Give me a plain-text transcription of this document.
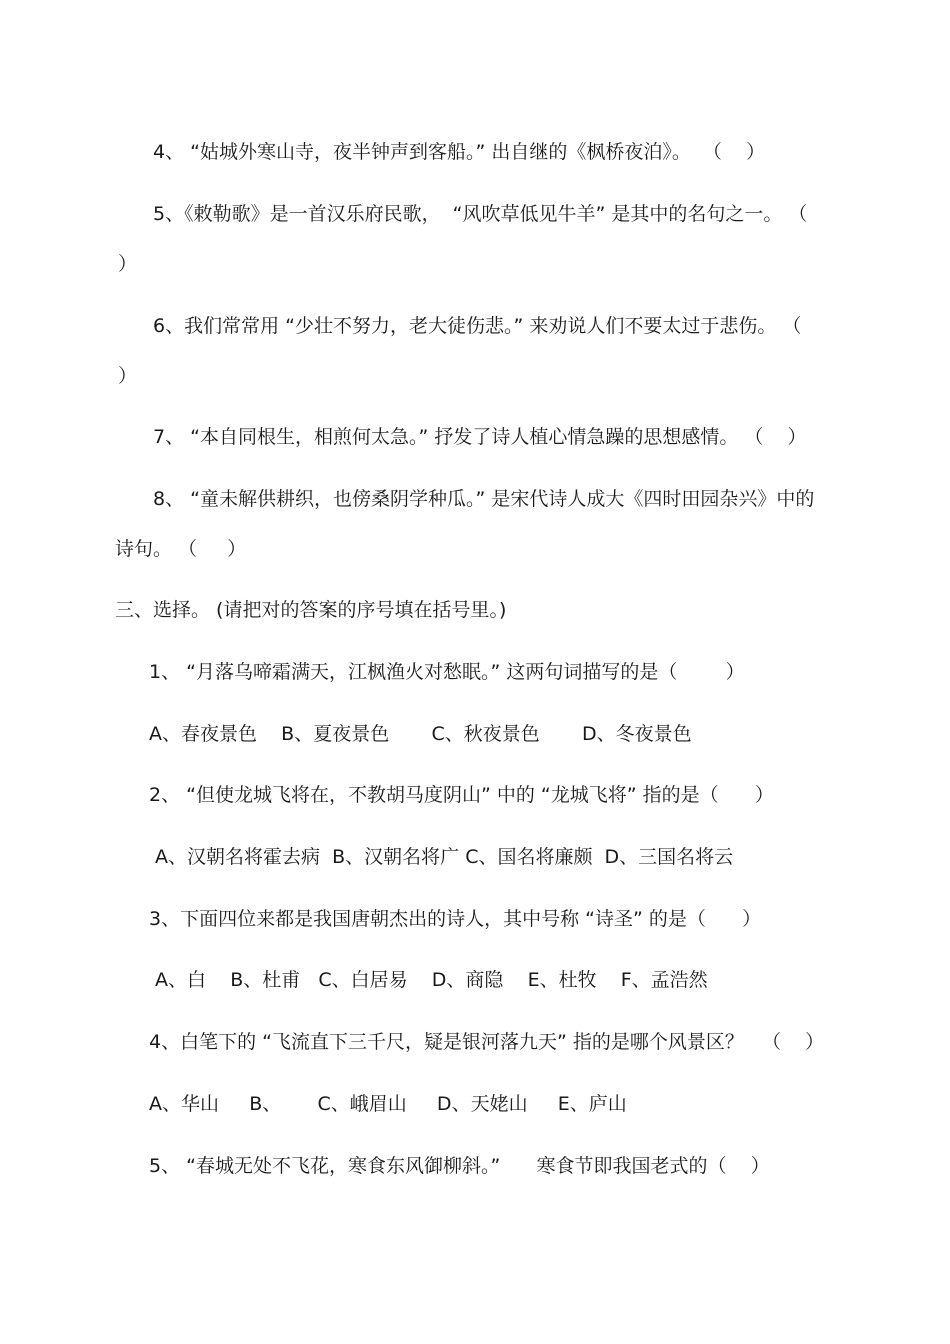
4、 “姑城外寒山寺，夜半钟声到客船。” 出自继的《枫桥夜泊》。  （    ）

5、《敕勒歌》是一首汉乐府民歌，  “风吹草低见牛羊” 是其中的名句之一。 （

）

6、我们常常用 “少壮不努力，老大徒伤悲。” 来劝说人们不要太过于悲伤。 （

）

7、 “本自同根生，相煎何太急。” 抒发了诗人植心情急躁的思想感情。 （    ）

8、 “童未解供耕织，也傍桑阴学种瓜。” 是宋代诗人成大《四时田园杂兴》中的

诗句。 （     ）

三、选择。 (请把对的答案的序号填在括号里。)

1、 “月落乌啼霜满天，江枫渔火对愁眠。” 这两句词描写的是（        ）

A、春夜景色    B、夏夜景色       C、秋夜景色       D、冬夜景色

2、 “但使龙城飞将在，不教胡马度阴山” 中的 “龙城飞将” 指的是（      ）

A、汉朝名将霍去病  B、汉朝名将广 C、国名将廉颇  D、三国名将云

3、下面四位来都是我国唐朝杰出的诗人，其中号称 “诗圣” 的是（      ）

A、白    B、杜甫   C、白居易    D、商隐    E、杜牧    F、孟浩然

4、白笔下的 “飞流直下三千尺，疑是银河落九天” 指的是哪个风景区？   （    ）

A、华山     B、      C、峨眉山     D、天姥山     E、庐山

5、 “春城无处不飞花，寒食东风御柳斜。”      寒食节即我国老式的（    ）
